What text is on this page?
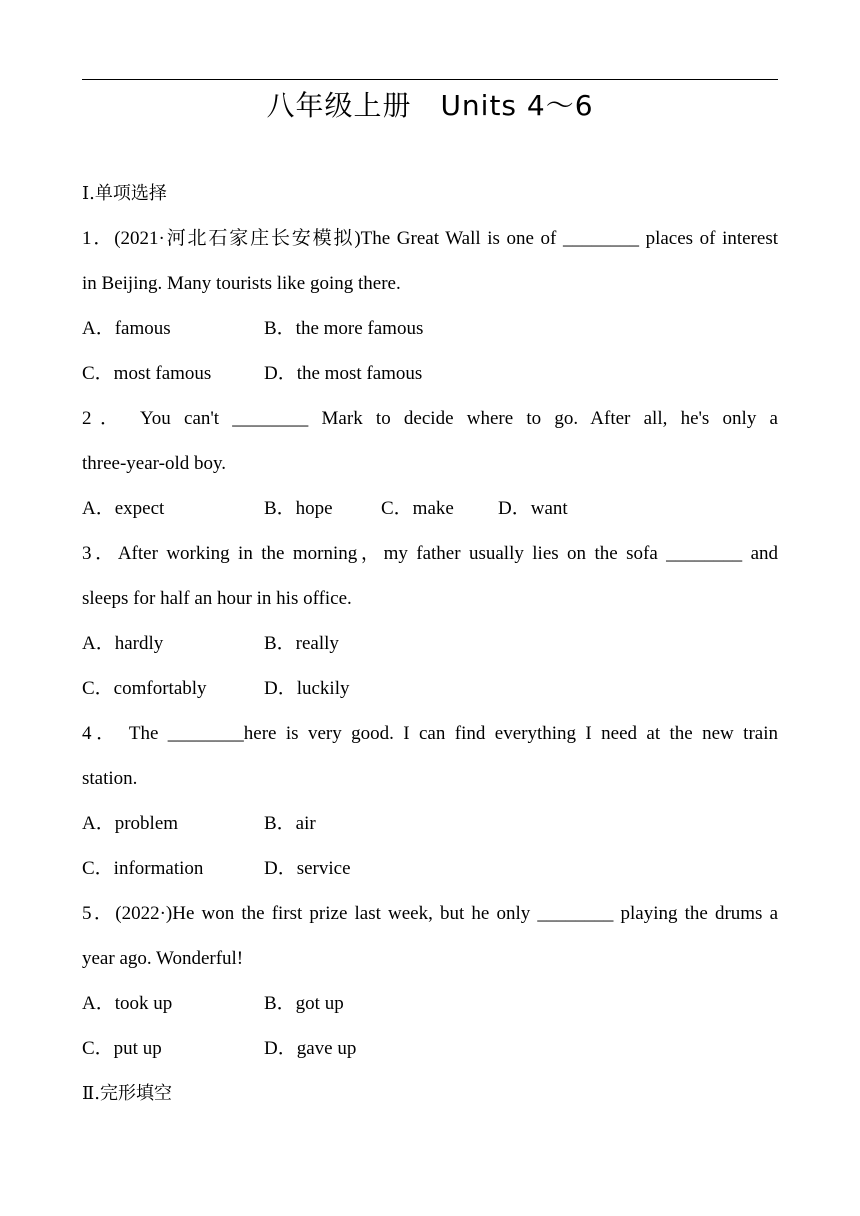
八年级上册　Units 4～6
Ⅰ.单项选择
1．(2021·河北石家庄长安模拟)The Great Wall is one of ________ places of interest
in Beijing. Many tourists like going there.
A．famous	B．the more famous
C．most famous	D．the most famous
2． You can't ________ Mark to decide where to go. After all, he's only a
three-year-old boy.
A．expect	B．hope	C．make D．want
3．After working in the morning，my father usually lies on the sofa ________ and
sleeps for half an hour in his office.
A．hardly	B．really
C．comfortably	D．luckily
4． The ________here is very good. I can find everything I need at the new train
station.
A．problem	B．air
C．information	D．service
5．(2022·)He won the first prize last week, but he only ________ playing the drums a
year ago. Wonderful!
A．took up	B．got up
C．put up	D．gave up
Ⅱ.完形填空
